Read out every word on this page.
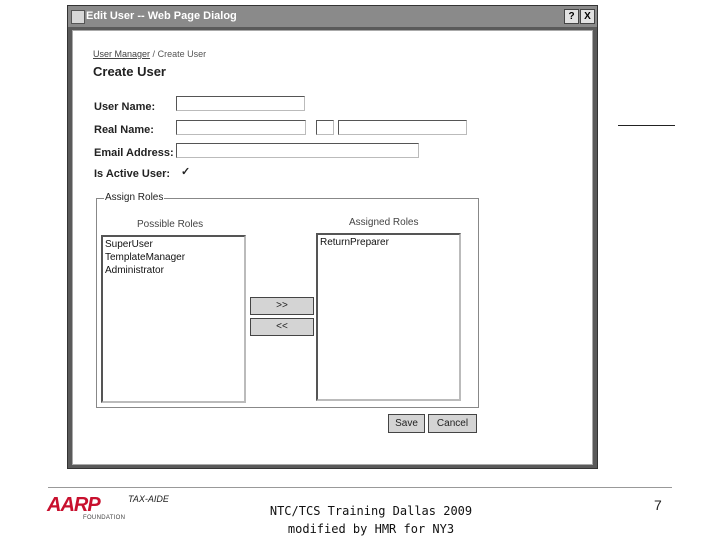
Edit User -- Web Page Dialog	? X
User Manager / Create User
Create User
User Name:
Real Name:
Email Address:
Is Active User: ✓
Assign Roles
Possible Roles	Assigned Roles
SuperUser
TemplateManager
Administrator
>>
<<
ReturnPreparer
Save	Cancel
AARP	TAX-AIDE
FOUNDATION	NTC/TCS Training Dallas 2009
modified by HMR for NY3
7
